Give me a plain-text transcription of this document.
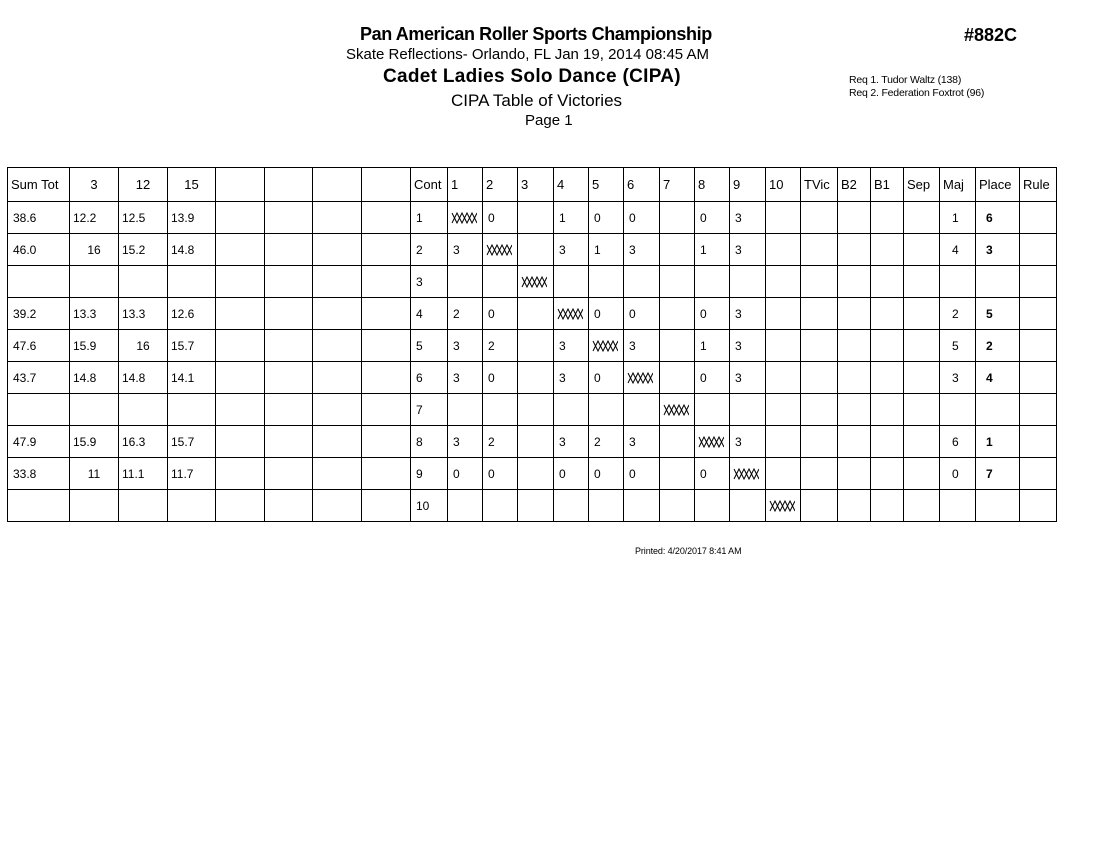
Pan American Roller Sports Championship
Skate Reflections- Orlando, FL Jan 19, 2014 08:45 AM
Cadet Ladies Solo Dance (CIPA)
CIPA Table of Victories
Page 1
#882C
Req 1. Tudor Waltz (138)
Req 2. Federation Foxtrot (96)
Sum Tot	3	12	15					Cont	1	2	3	4	5	6	7	8	9	10	TVic	B2	B1	Sep	Maj	Place	Rule
38.6	12.2	12.5	13.9					1		0		1	0	0		0	3						1	6	
46.0	16	15.2	14.8					2	3			3	1	3		1	3						4	3	
								3			

39.2	13.3	13.3	12.6					4	2	0			0	0		0	3						2	5	
47.6	15.9	16	15.7					5	3	2		3		3		1	3						5	2	
43.7	14.8	14.8	14.1					6	3	0		3	0			0	3						3	4	
								7							

47.9	15.9	16.3	15.7					8	3	2		3	2	3			3						6	1	
33.8	11	11.1	11.7					9	0	0		0	0	0		0							0	7	
								10										

Printed: 4/20/2017 8:41 AM
